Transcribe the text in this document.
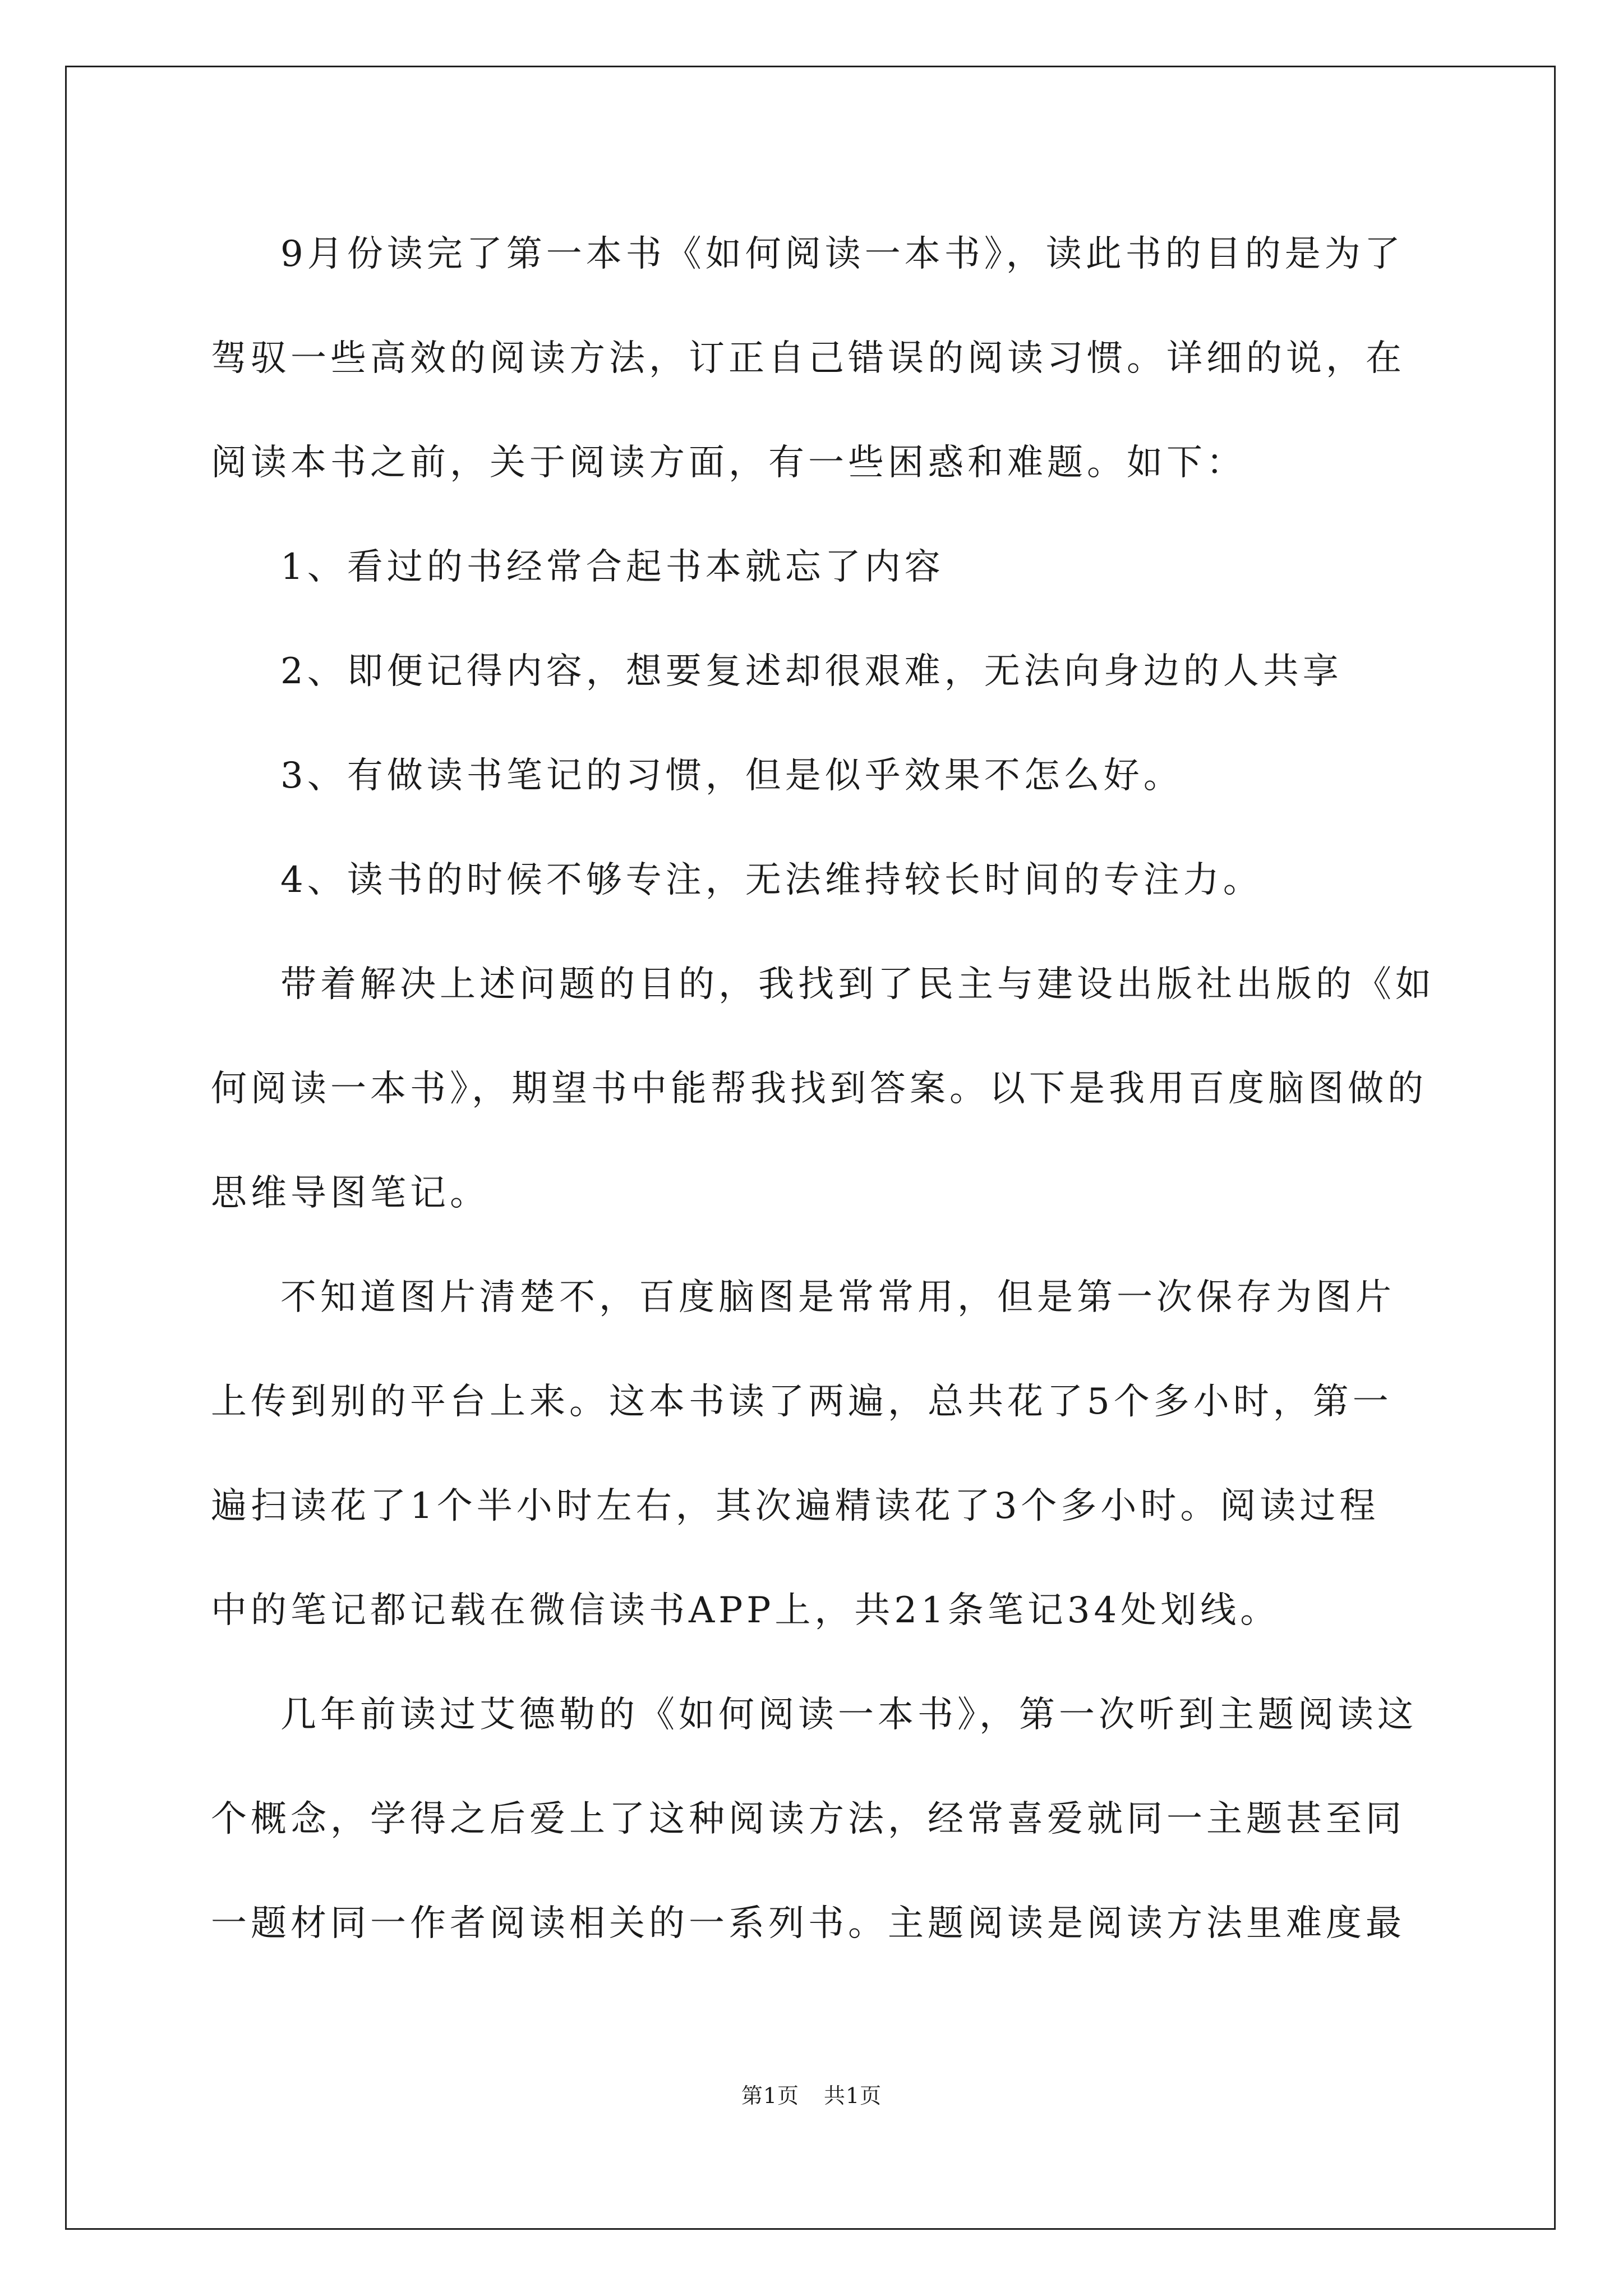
9月份读完了第一本书《如何阅读一本书》，读此书的目的是为了
驾驭一些高效的阅读方法，订正自己错误的阅读习惯。详细的说，在
阅读本书之前，关于阅读方面，有一些困惑和难题。如下：
1、看过的书经常合起书本就忘了内容
2、即便记得内容，想要复述却很艰难，无法向身边的人共享
3、有做读书笔记的习惯，但是似乎效果不怎么好。
4、读书的时候不够专注，无法维持较长时间的专注力。
带着解决上述问题的目的，我找到了民主与建设出版社出版的《如
何阅读一本书》，期望书中能帮我找到答案。以下是我用百度脑图做的
思维导图笔记。
不知道图片清楚不，百度脑图是常常用，但是第一次保存为图片
上传到别的平台上来。这本书读了两遍，总共花了5个多小时，第一
遍扫读花了1个半小时左右，其次遍精读花了3个多小时。阅读过程
中的笔记都记载在微信读书APP上，共21条笔记34处划线。
几年前读过艾德勒的《如何阅读一本书》，第一次听到主题阅读这
个概念，学得之后爱上了这种阅读方法，经常喜爱就同一主题甚至同
一题材同一作者阅读相关的一系列书。主题阅读是阅读方法里难度最
第1页 共1页
